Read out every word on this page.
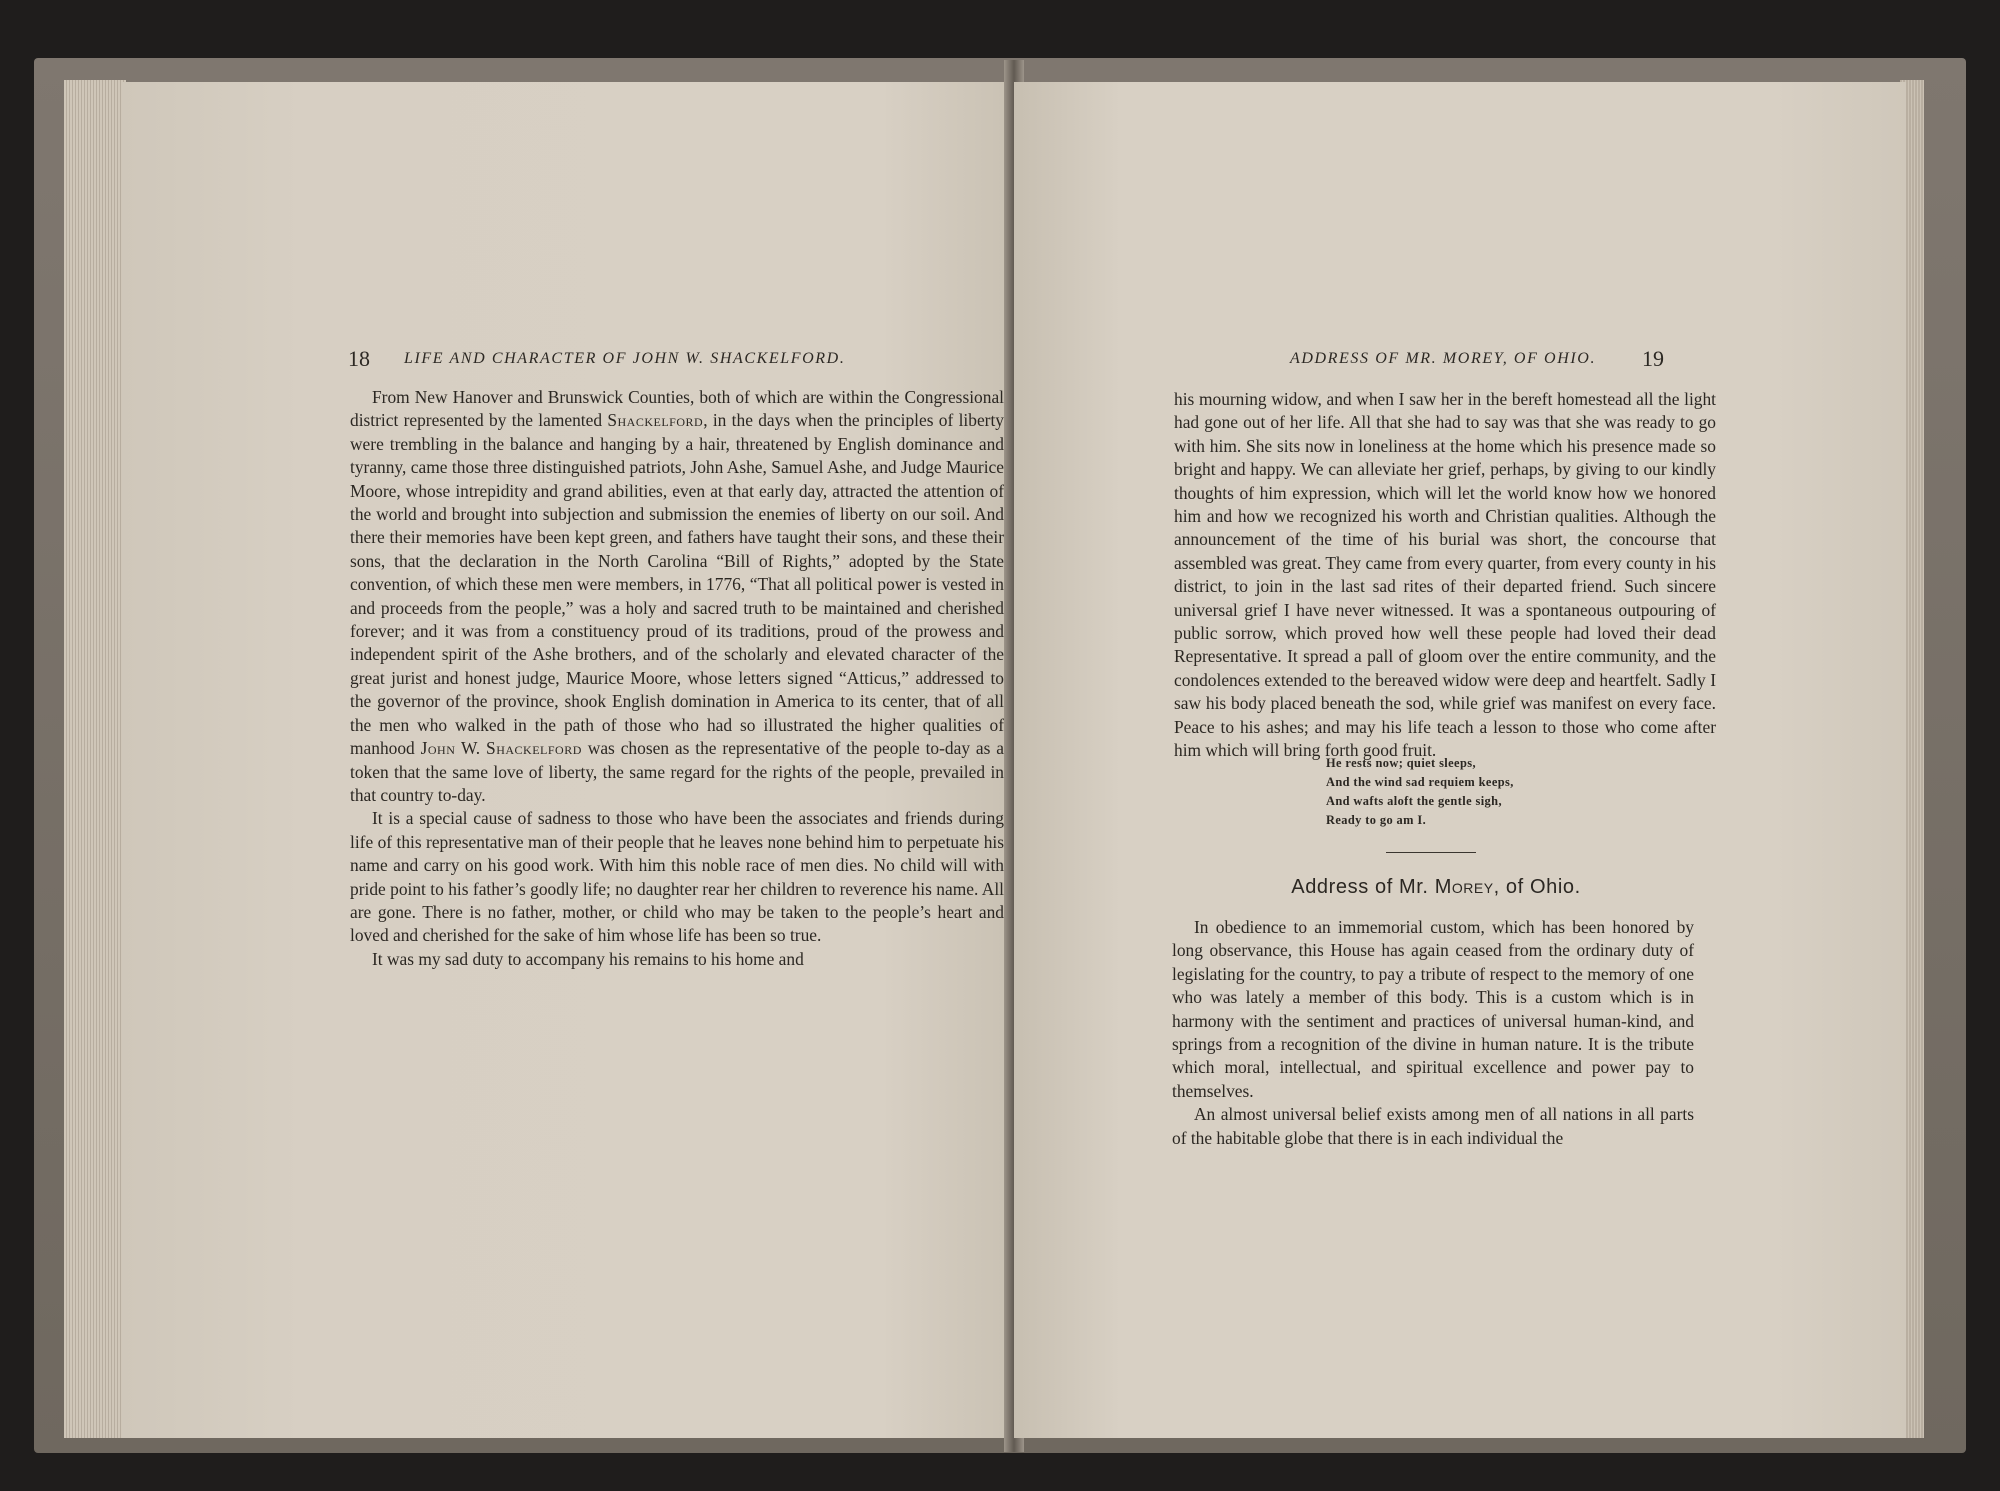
18 LIFE AND CHARACTER OF JOHN W. SHACKELFORD.

From New Hanover and Brunswick Counties, both of which are within the Congressional district represented by the lamented Shackelford, in the days when the principles of liberty were trembling in the balance and hanging by a hair, threatened by English dominance and tyranny, came those three distinguished patriots, John Ashe, Samuel Ashe, and Judge Maurice Moore, whose intrepidity and grand abilities, even at that early day, attracted the attention of the world and brought into subjection and submission the enemies of liberty on our soil. And there their memories have been kept green, and fathers have taught their sons, and these their sons, that the declaration in the North Carolina “Bill of Rights,” adopted by the State convention, of which these men were members, in 1776, “That all political power is vested in and proceeds from the people,” was a holy and sacred truth to be maintained and cherished forever; and it was from a constituency proud of its traditions, proud of the prowess and independent spirit of the Ashe brothers, and of the scholarly and elevated character of the great jurist and honest judge, Maurice Moore, whose letters signed “Atticus,” addressed to the governor of the province, shook English domination in America to its center, that of all the men who walked in the path of those who had so illustrated the higher qualities of manhood John W. Shackelford was chosen as the representative of the people to-day as a token that the same love of liberty, the same regard for the rights of the people, prevailed in that country to-day.

It is a special cause of sadness to those who have been the associates and friends during life of this representative man of their people that he leaves none behind him to perpetuate his name and carry on his good work. With him this noble race of men dies. No child will with pride point to his father’s goodly life; no daughter rear her children to reverence his name. All are gone. There is no father, mother, or child who may be taken to the people’s heart and loved and cherished for the sake of him whose life has been so true.

It was my sad duty to accompany his remains to his home and

ADDRESS OF MR. MOREY, OF OHIO. 19

his mourning widow, and when I saw her in the bereft homestead all the light had gone out of her life. All that she had to say was that she was ready to go with him. She sits now in loneliness at the home which his presence made so bright and happy. We can alleviate her grief, perhaps, by giving to our kindly thoughts of him expression, which will let the world know how we honored him and how we recognized his worth and Christian qualities. Although the announcement of the time of his burial was short, the concourse that assembled was great. They came from every quarter, from every county in his district, to join in the last sad rites of their departed friend. Such sincere universal grief I have never witnessed. It was a spontaneous outpouring of public sorrow, which proved how well these people had loved their dead Representative. It spread a pall of gloom over the entire community, and the condolences extended to the bereaved widow were deep and heartfelt. Sadly I saw his body placed beneath the sod, while grief was manifest on every face. Peace to his ashes; and may his life teach a lesson to those who come after him which will bring forth good fruit.

He rests now; quiet sleeps,
And the wind sad requiem keeps,
And wafts aloft the gentle sigh,
Ready to go am I.
Address of Mr. Morey, of Ohio.

In obedience to an immemorial custom, which has been honored by long observance, this House has again ceased from the ordinary duty of legislating for the country, to pay a tribute of respect to the memory of one who was lately a member of this body. This is a custom which is in harmony with the sentiment and practices of universal human-kind, and springs from a recognition of the divine in human nature. It is the tribute which moral, intellectual, and spiritual excellence and power pay to themselves.

An almost universal belief exists among men of all nations in all parts of the habitable globe that there is in each individual the
